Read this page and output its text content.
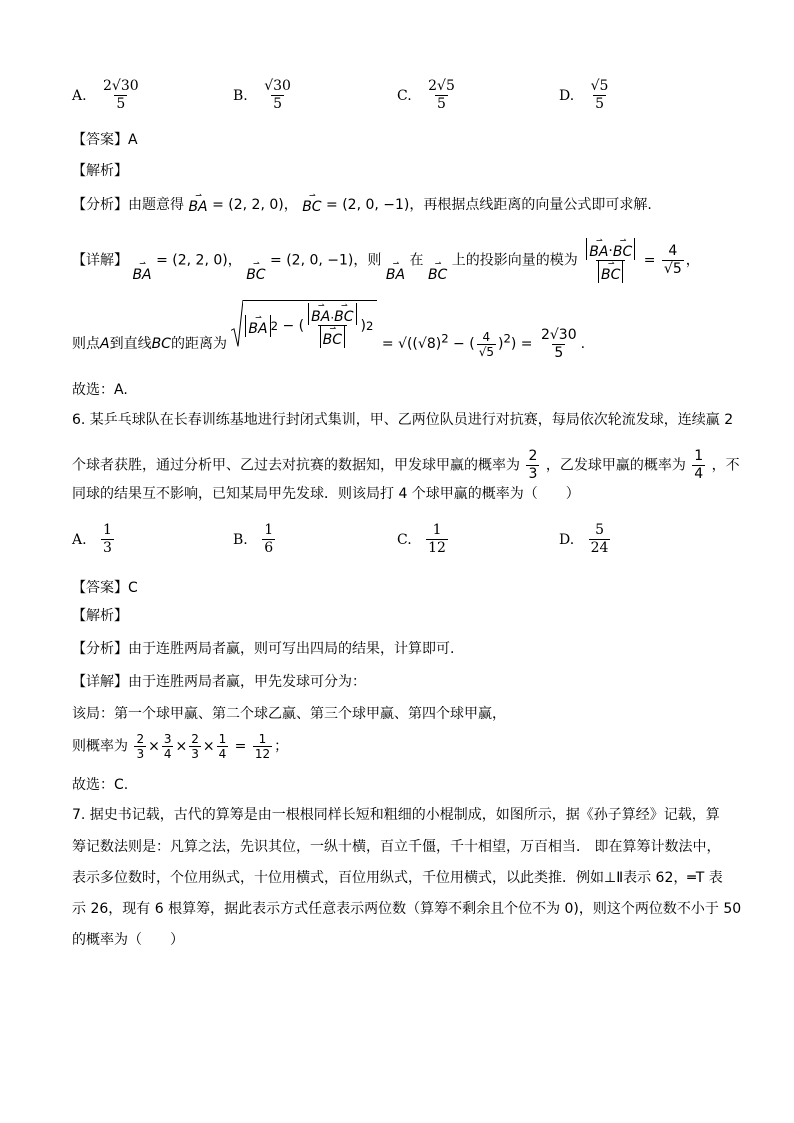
A. $\frac{2√30}{5}$	B. $\frac{√30}{5}$	C. $\frac{2√5}{5}$	D. $\frac{√5}{5}$
【答案】A
【解析】
【分析】由题意得
⇀
BA = (2, 2, 0)，
⇀
BC = (2, 0, −1)，再根据点线距离的向量公式即可求解.
【详解】 ⇀
BA
= (2, 2, 0)， ⇀
BC
= (2, 0, −1)，则 ⇀
BA
在 ⇀
BC
上的投影向量的模为 ⇀
BA ·
⇀
BC
⇀
BC = $\frac{4}{√5}$ ，
则点A到直线BC的距离为
⇀
BA 2 − ( ⇀
BA ·
⇀
BC
⇀
BC ) 2
= $√((√8)^2$ − ( $\frac{4}{√5} )^2) = \frac{2√30}{5}$ .
故选：A.
6. 某乒乓球队在长春训练基地进行封闭式集训，甲、乙两位队员进行对抗赛，每局依次轮流发球，连续赢 2
个球者获胜，通过分析甲、乙过去对抗赛的数据知，甲发球甲赢的概率为 $\frac{2}{3}$ ，乙发球甲赢的概率为 $\frac{1}{4}$ ，不
同球的结果互不影响，已知某局甲先发球．则该局打 4 个球甲赢的概率为（　　）
A. $\frac{1}{3}$	B. $\frac{1}{6}$	C. $\frac{1}{12}$	D. $\frac{5}{24}$
【答案】C
【解析】
【分析】由于连胜两局者赢，则可写出四局的结果，计算即可.
【详解】由于连胜两局者赢，甲先发球可分为：
该局：第一个球甲赢、第二个球乙赢、第三个球甲赢、第四个球甲赢，
则概率为 $\frac{2}{3} \times \frac{3}{4} \times \frac{2}{3} \times \frac{1}{4} = \frac{1}{12}$ ；
故选：C.
7. 据史书记载，古代的算筹是由一根根同样长短和粗细的小棍制成，如图所示，据《孙子算经》记载，算
筹记数法则是：凡算之法，先识其位，一纵十横，百立千僵，千十相望，万百相当． 即在算筹计数法中，
表示多位数时，个位用纵式，十位用横式，百位用纵式，千位用横式，以此类推．例如⊥Ⅱ表示 62，═T 表
示 26，现有 6 根算筹，据此表示方式任意表示两位数（算筹不剩余且个位不为 0)，则这个两位数不小于 50
的概率为（　　）
